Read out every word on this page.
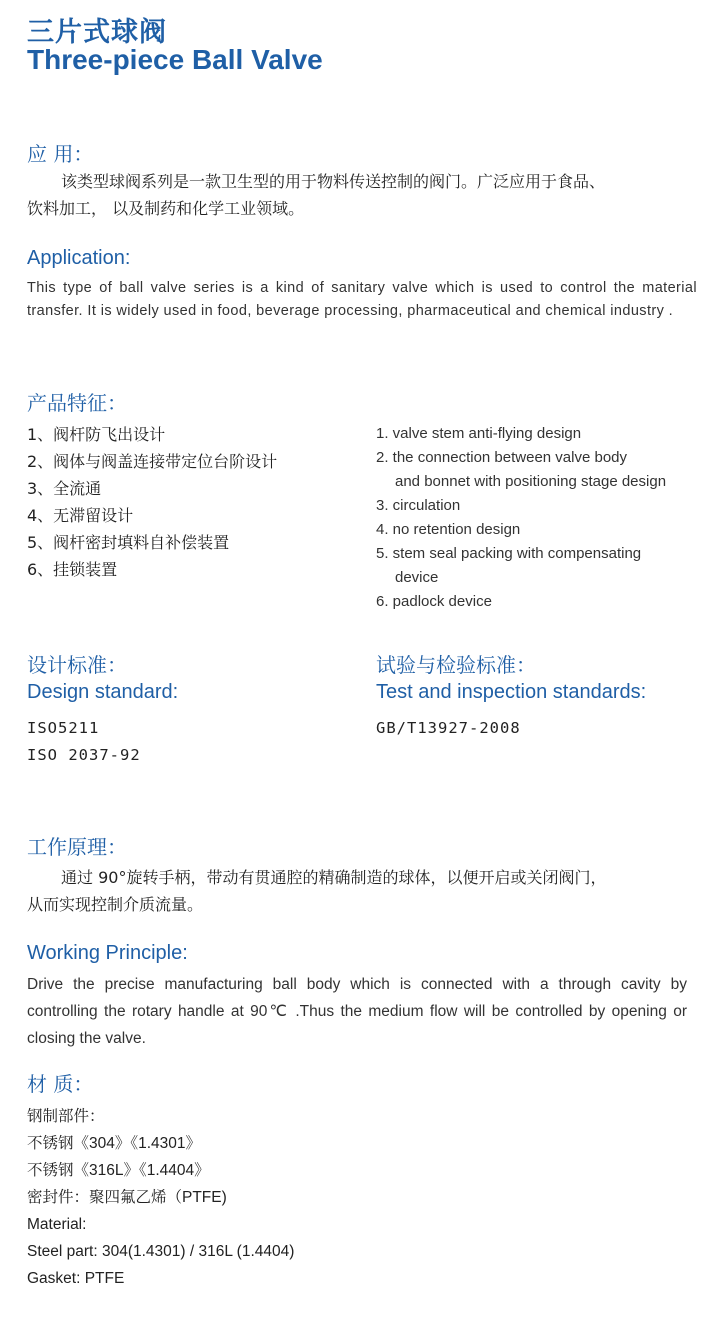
三片式球阀
Three-piece Ball Valve
应 用：
该类型球阀系列是一款卫生型的用于物料传送控制的阀门。广泛应用于食品、
饮料加工， 以及制药和化学工业领域。
Application:
This type of ball valve series is a kind of sanitary valve which is used to control the material transfer. It is widely used in food, beverage processing, pharmaceutical and chemical industry .
产品特征：
1、阀杆防飞出设计
2、阀体与阀盖连接带定位台阶设计
3、全流通
4、无滞留设计
5、阀杆密封填料自补偿装置
6、挂锁装置
1. valve stem anti-flying design
2. the connection between valve body
and bonnet with positioning stage design
3. circulation
4. no retention design
5. stem seal packing with compensating
device
6. padlock device
设计标准：
Design standard:
ISO5211
ISO 2037-92
试验与检验标准：
Test and inspection standards:
GB/T13927-2008
工作原理：
通过 90°旋转手柄，带动有贯通腔的精确制造的球体，以便开启或关闭阀门，
从而实现控制介质流量。
Working Principle:
Drive the precise manufacturing ball body which is connected with a through cavity by controlling the rotary handle at 90℃ .Thus the medium flow will be controlled by opening or closing the valve.
材 质：
钢制部件：
不锈钢《304》《1.4301》
不锈钢《316L》《1.4404》
密封件：聚四氟乙烯（PTFE)
Material:
Steel part: 304(1.4301) / 316L (1.4404)
Gasket: PTFE
